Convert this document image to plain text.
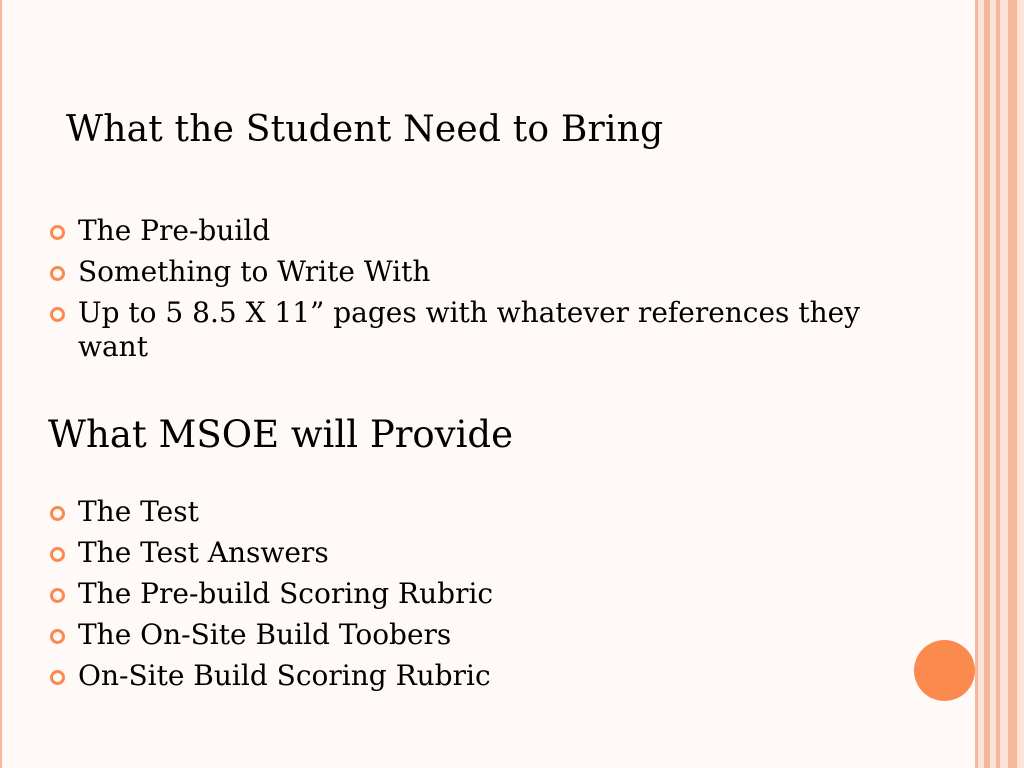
What the Student Need to Bring
The Pre-build
Something to Write With
Up to 5 8.5 X 11” pages with whatever references they want
What MSOE will Provide
The Test
The Test Answers
The Pre-build Scoring Rubric
The On-Site Build Toobers
On-Site Build Scoring Rubric
